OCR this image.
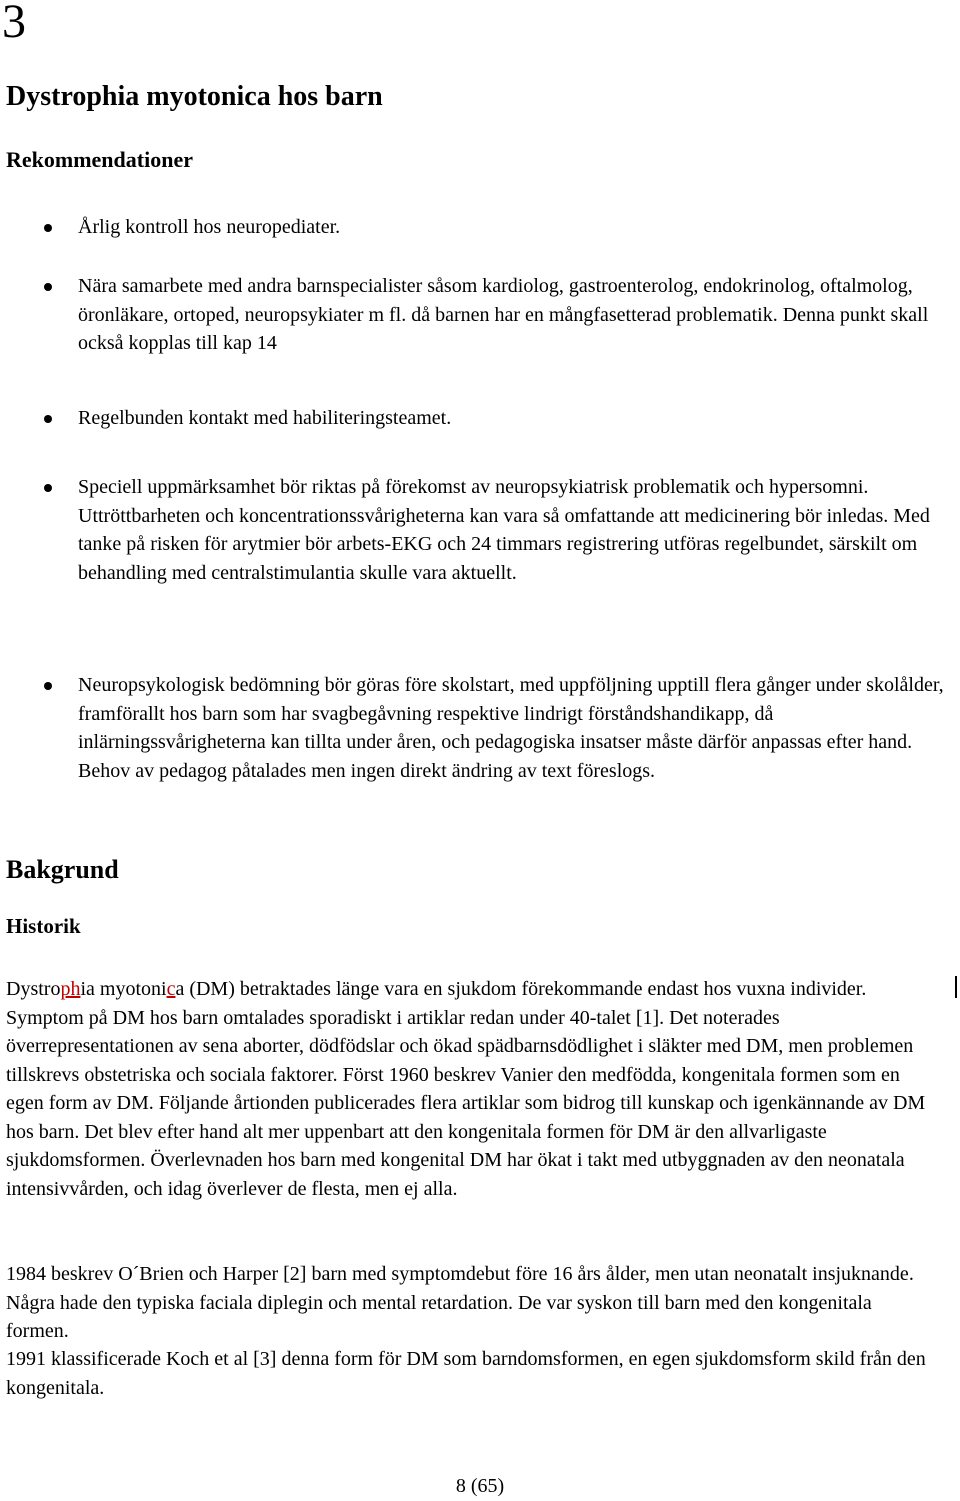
3
Dystrophia myotonica hos barn
Rekommendationer
Årlig kontroll hos neuropediater.
Nära samarbete med andra barnspecialister såsom kardiolog, gastroenterolog, endokrinolog, oftalmolog, öronläkare, ortoped, neuropsykiater m fl. då barnen har en mångfasetterad problematik. Denna punkt skall också kopplas till kap 14
Regelbunden kontakt med habiliteringsteamet.
Speciell uppmärksamhet bör riktas på förekomst av neuropsykiatrisk problematik och hypersomni. Uttröttbarheten och koncentrationssvårigheterna kan vara så omfattande att medicinering bör inledas. Med tanke på risken för arytmier bör arbets-EKG och 24 timmars registrering utföras regelbundet, särskilt om behandling med centralstimulantia skulle vara aktuellt.
Neuropsykologisk bedömning bör göras före skolstart, med uppföljning upptill flera gånger under skolålder, framförallt hos barn som har svagbegåvning respektive lindrigt förståndshandikapp, då inlärningssvårigheterna kan tillta under åren, och pedagogiska insatser måste därför anpassas efter hand. Behov av pedagog påtalades men ingen direkt ändring av text föreslogs.
Bakgrund
Historik

Dystrophia myotonica (DM) betraktades länge vara en sjukdom förekommande endast hos vuxna individer. Symptom på DM hos barn omtalades sporadiskt i artiklar redan under 40-talet [1]. Det noterades överrepresentationen av sena aborter, dödfödslar och ökad spädbarnsdödlighet i släkter med DM, men problemen tillskrevs obstetriska och sociala faktorer. Först 1960 beskrev Vanier den medfödda, kongenitala formen som en egen form av DM. Följande årtionden publicerades flera artiklar som bidrog till kunskap och igenkännande av DM hos barn. Det blev efter hand alt mer uppenbart att den kongenitala formen för DM är den allvarligaste sjukdomsformen. Överlevnaden hos barn med kongenital DM har ökat i takt med utbyggnaden av den neonatala intensivvården, och idag överlever de flesta, men ej alla.

1984 beskrev O´Brien och Harper [2] barn med symptomdebut före 16 års ålder, men utan neonatalt insjuknande. Några hade den typiska faciala diplegin och mental retardation. De var syskon till barn med den kongenitala formen.

1991 klassificerade Koch et al [3] denna form för DM som barndomsformen, en egen sjukdomsform skild från den kongenitala.

8 (65)
